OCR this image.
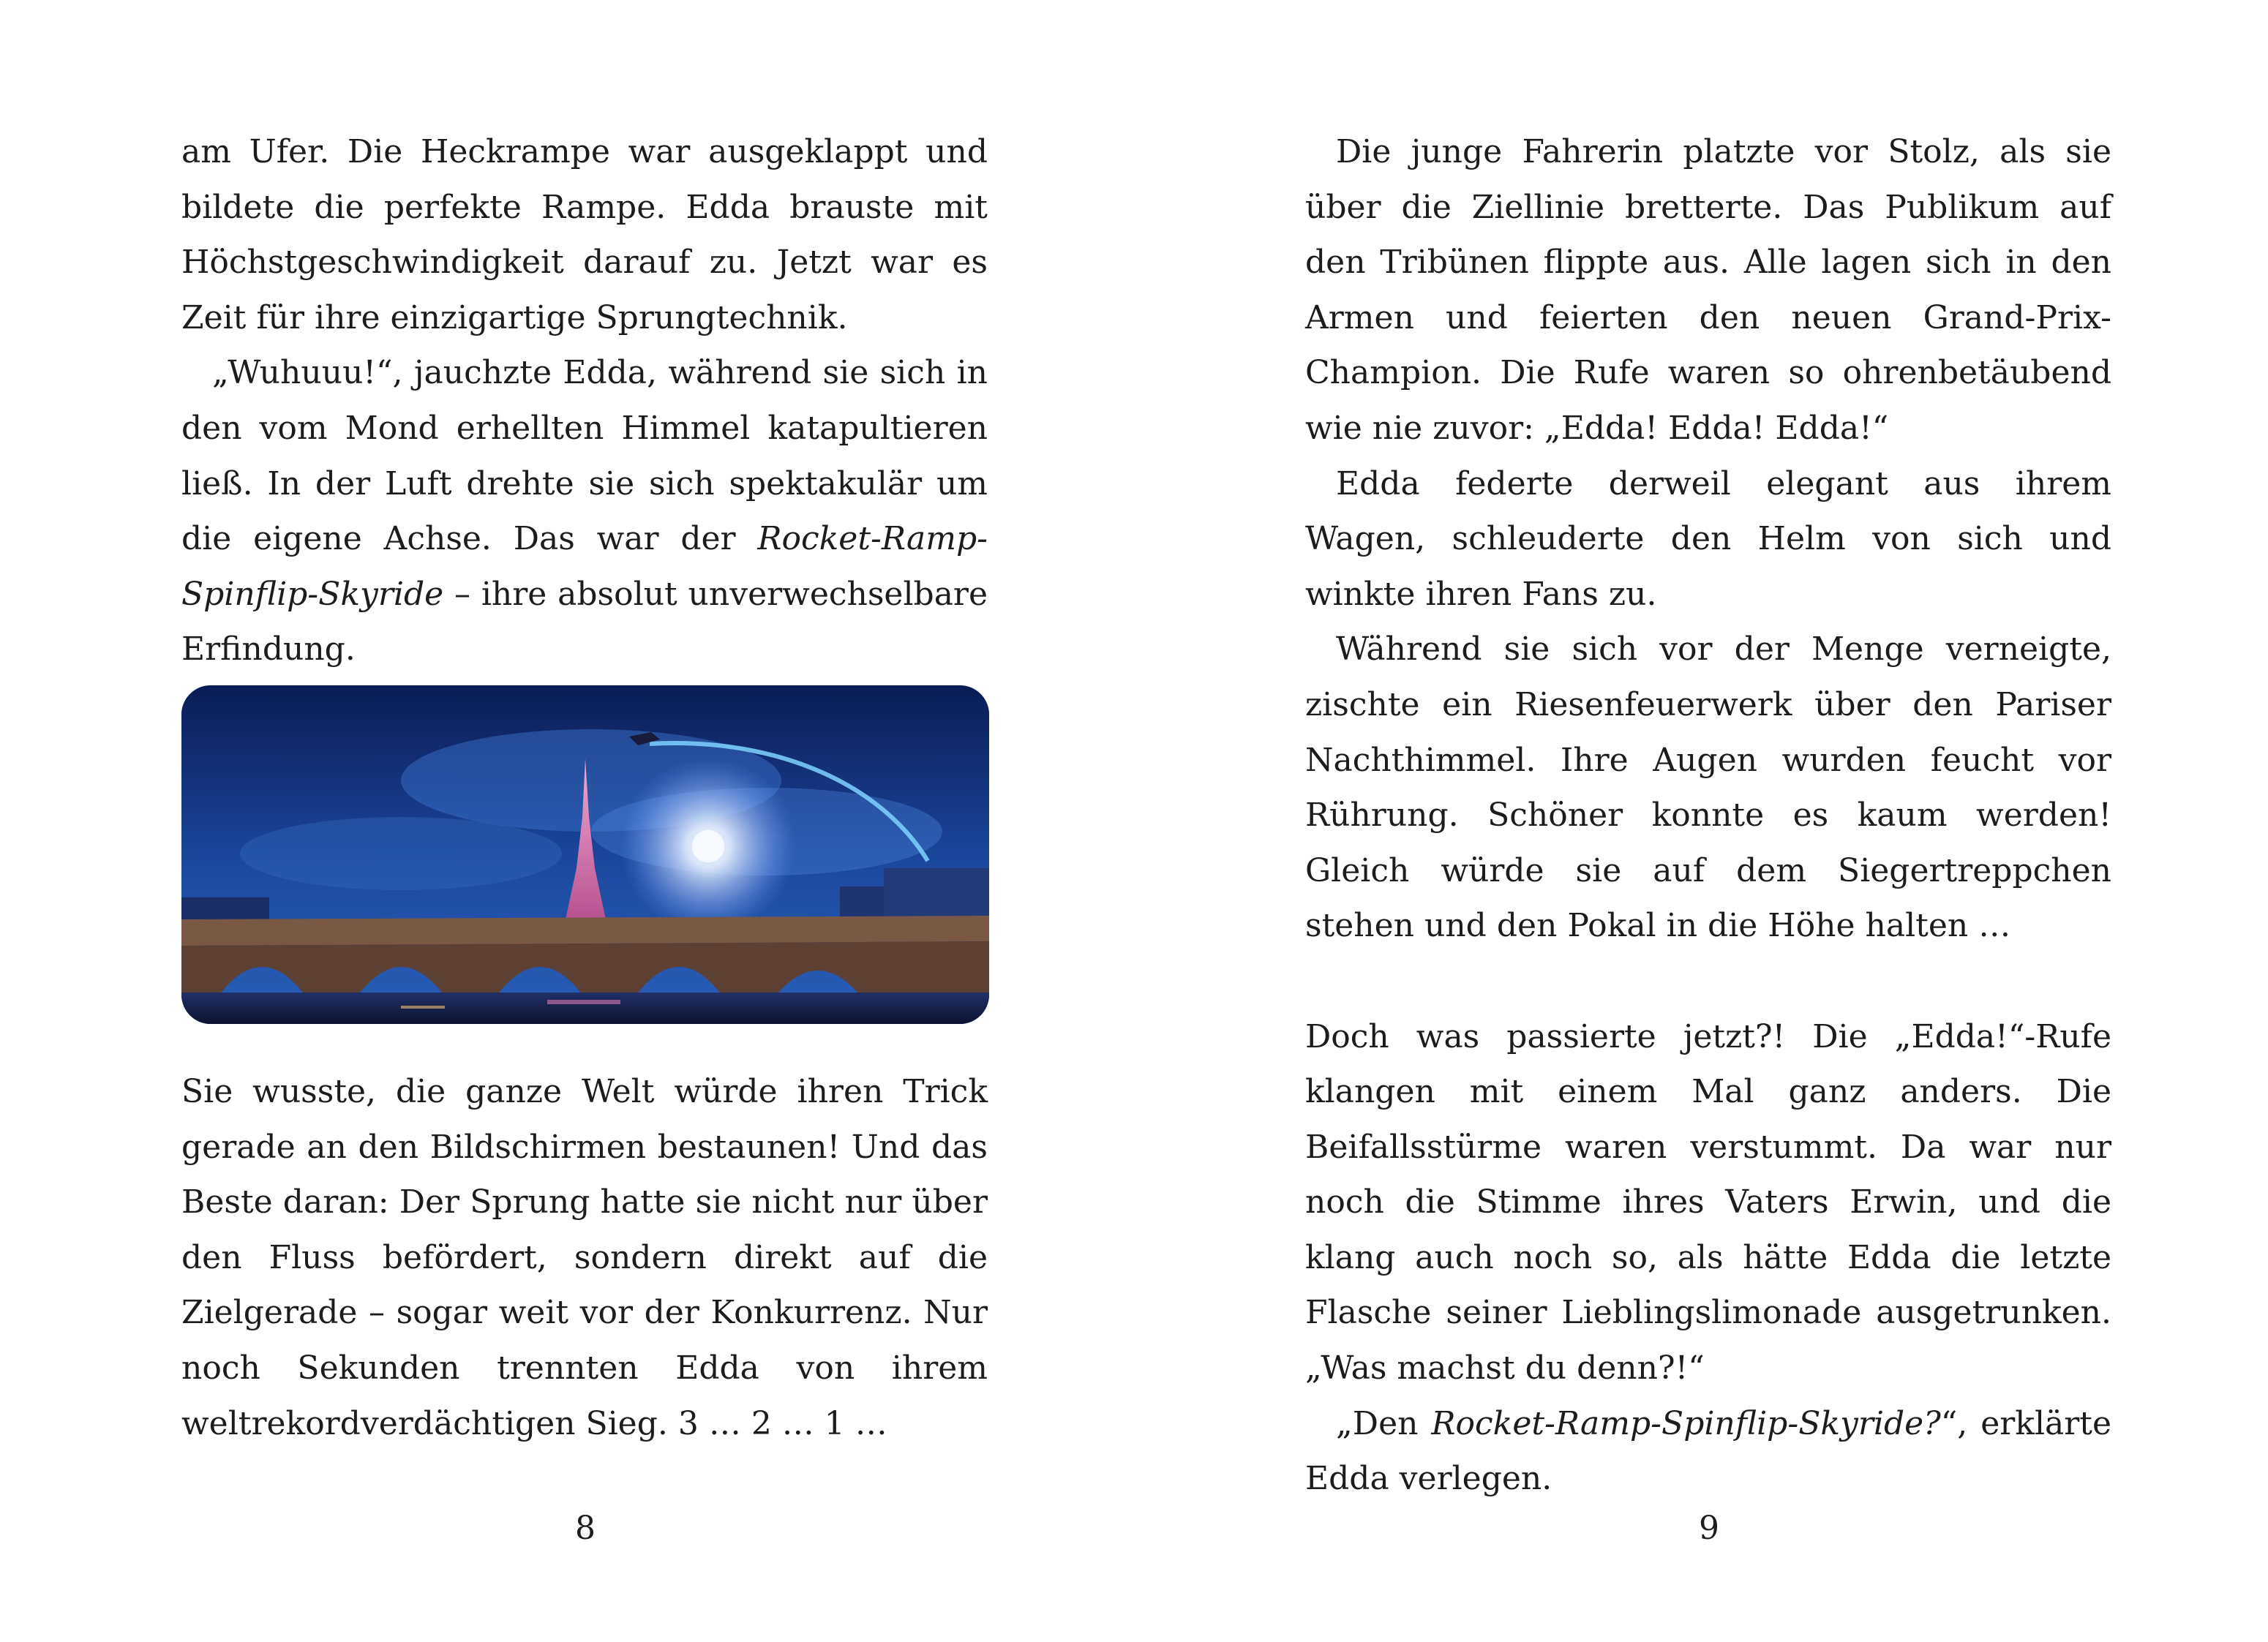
am Ufer. Die Heckrampe war ausgeklappt und bildete die perfekte Rampe. Edda brauste mit Höchstgeschwindigkeit darauf zu. Jetzt war es Zeit für ihre einzigartige Sprungtechnik.

„Wuhuuu!“, jauchzte Edda, während sie sich in den vom Mond erhellten Himmel katapultieren ließ. In der Luft drehte sie sich spektakulär um die eigene Achse. Das war der Rocket-Ramp-Spinflip-Skyride – ihre absolut unverwechselbare Erfindung.

Sie wusste, die ganze Welt würde ihren Trick gerade an den Bildschirmen bestaunen! Und das Beste daran: Der Sprung hatte sie nicht nur über den Fluss befördert, sondern direkt auf die Zielgerade – sogar weit vor der Konkurrenz. Nur noch Sekunden trennten Edda von ihrem weltrekordverdächtigen Sieg. 3 … 2 … 1 …

8

Die junge Fahrerin platzte vor Stolz, als sie über die Ziellinie bretterte. Das Publikum auf den Tribünen flippte aus. Alle lagen sich in den Armen und feierten den neuen Grand-Prix-Champion. Die Rufe waren so ohrenbetäubend wie nie zuvor: „Edda! Edda! Edda!“

Edda federte derweil elegant aus ihrem Wagen, schleuderte den Helm von sich und winkte ihren Fans zu.

Während sie sich vor der Menge verneigte, zischte ein Riesenfeuerwerk über den Pariser Nachthimmel. Ihre Augen wurden feucht vor Rührung. Schöner konnte es kaum werden! Gleich würde sie auf dem Siegertreppchen stehen und den Pokal in die Höhe halten …

Doch was passierte jetzt?! Die „Edda!“-Rufe klangen mit einem Mal ganz anders. Die Beifallsstürme waren verstummt. Da war nur noch die Stimme ihres Vaters Erwin, und die klang auch noch so, als hätte Edda die letzte Flasche seiner Lieblingslimonade ausgetrunken. „Was machst du denn?!“

„Den Rocket-Ramp-Spinflip-Skyride?“, erklärte Edda verlegen.

9
